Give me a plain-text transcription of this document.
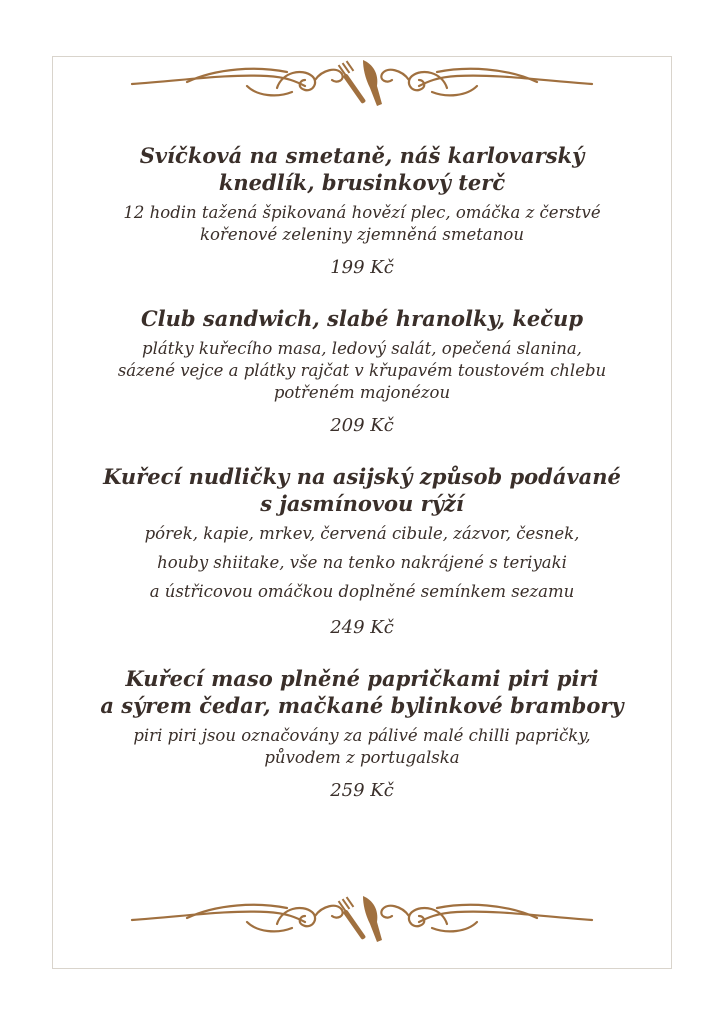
Svíčková na smetaně, náš karlovarský
knedlík, brusinkový terč
12 hodin tažená špikovaná hovězí plec, omáčka z čerstvé
kořenové zeleniny zjemněná smetanou
199 Kč
Club sandwich, slabé hranolky, kečup
plátky kuřecího masa, ledový salát, opečená slanina,
sázené vejce a plátky rajčat v křupavém toustovém chlebu
potřeném majonézou
209 Kč
Kuřecí nudličky na asijský způsob podávané
s jasmínovou rýží
pórek, kapie, mrkev, červená cibule, zázvor, česnek,
houby shiitake, vše na tenko nakrájené s teriyaki
a ústřicovou omáčkou doplněné semínkem sezamu
249 Kč
Kuřecí maso plněné papričkami piri piri
a sýrem čedar, mačkané bylinkové brambory
piri piri jsou označovány za pálivé malé chilli papričky,
původem z portugalska
259 Kč
